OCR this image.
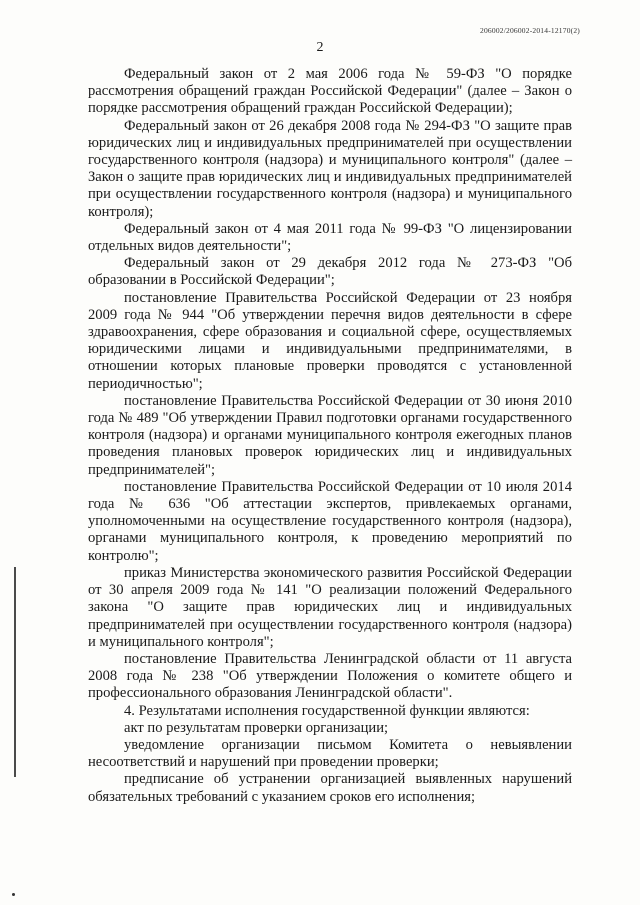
206002/206002-2014-12170(2)
2

Федеральный закон от 2 мая 2006 года № 59-ФЗ "О порядке рассмотрения обращений граждан Российской Федерации" (далее – Закон о порядке рассмотрения обращений граждан Российской Федерации);

Федеральный закон от 26 декабря 2008 года № 294-ФЗ "О защите прав юридических лиц и индивидуальных предпринимателей при осуществлении государственного контроля (надзора) и муниципального контроля" (далее – Закон о защите прав юридических лиц и индивидуальных предпринимателей при осуществлении государственного контроля (надзора) и муниципального контроля);

Федеральный закон от 4 мая 2011 года № 99-ФЗ "О лицензировании отдельных видов деятельности";

Федеральный закон от 29 декабря 2012 года № 273-ФЗ "Об образовании в Российской Федерации";

постановление Правительства Российской Федерации от 23 ноября 2009 года № 944 "Об утверждении перечня видов деятельности в сфере здравоохранения, сфере образования и социальной сфере, осуществляемых юридическими лицами и индивидуальными предпринимателями, в отношении которых плановые проверки проводятся с установленной периодичностью";

постановление Правительства Российской Федерации от 30 июня 2010 года № 489 "Об утверждении Правил подготовки органами государственного контроля (надзора) и органами муниципального контроля ежегодных планов проведения плановых проверок юридических лиц и индивидуальных предпринимателей";

постановление Правительства Российской Федерации от 10 июля 2014 года № 636 "Об аттестации экспертов, привлекаемых органами, уполномоченными на осуществление государственного контроля (надзора), органами муниципального контроля, к проведению мероприятий по контролю";

приказ Министерства экономического развития Российской Федерации от 30 апреля 2009 года № 141 "О реализации положений Федерального закона "О защите прав юридических лиц и индивидуальных предпринимателей при осуществлении государственного контроля (надзора) и муниципального контроля";

постановление Правительства Ленинградской области от 11 августа 2008 года № 238 "Об утверждении Положения о комитете общего и профессионального образования Ленинградской области".

4. Результатами исполнения государственной функции являются:

акт по результатам проверки организации;

уведомление организации письмом Комитета о невыявлении несоответствий и нарушений при проведении проверки;

предписание об устранении организацией выявленных нарушений обязательных требований с указанием сроков его исполнения;
